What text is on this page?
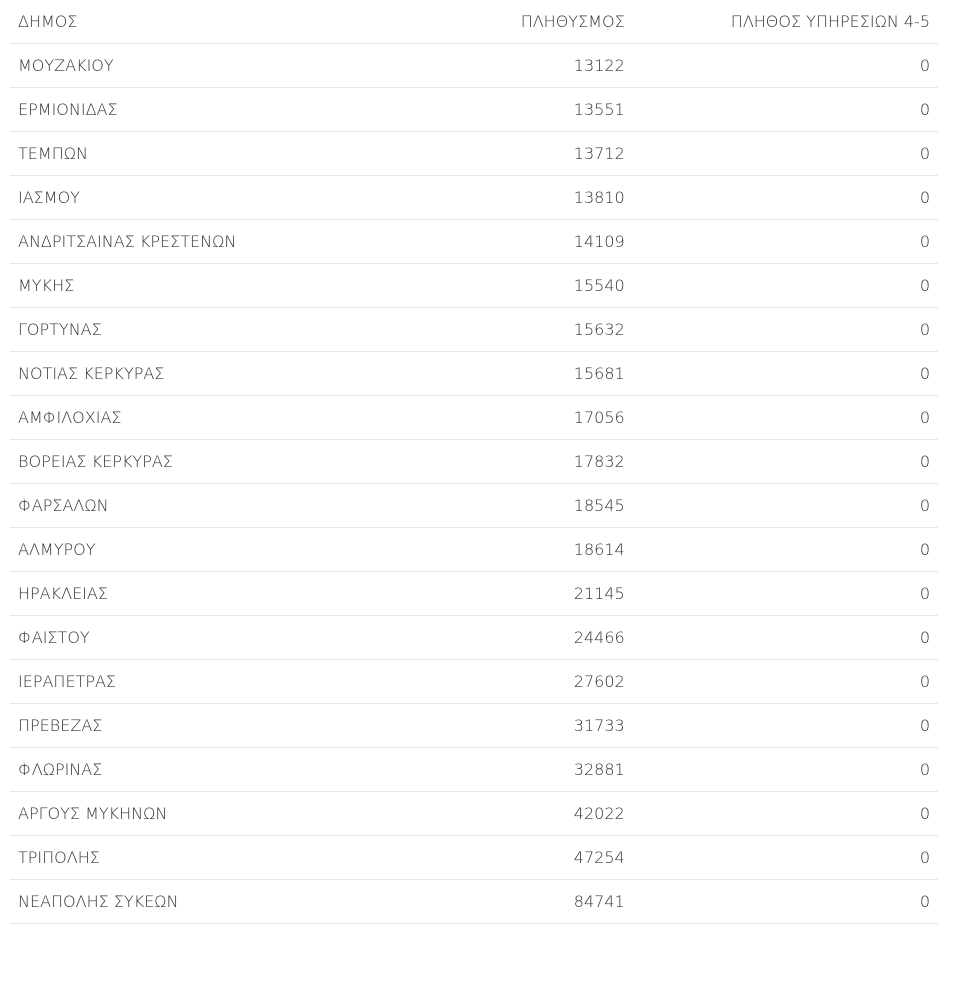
ΔΗΜΟΣ	ΠΛΗΘΥΣΜΟΣ	ΠΛΗΘΟΣ ΥΠΗΡΕΣΙΩΝ 4-5
ΜΟΥΖΑΚΙΟΥ	13122	0
ΕΡΜΙΟΝΙΔΑΣ	13551	0
ΤΕΜΠΩΝ	13712	0
ΙΑΣΜΟΥ	13810	0
ΑΝΔΡΙΤΣΑΙΝΑΣ ΚΡΕΣΤΕΝΩΝ	14109	0
ΜΥΚΗΣ	15540	0
ΓΟΡΤΥΝΑΣ	15632	0
ΝΟΤΙΑΣ ΚΕΡΚΥΡΑΣ	15681	0
ΑΜΦΙΛΟΧΙΑΣ	17056	0
ΒΟΡΕΙΑΣ ΚΕΡΚΥΡΑΣ	17832	0
ΦΑΡΣΑΛΩΝ	18545	0
ΑΛΜΥΡΟΥ	18614	0
ΗΡΑΚΛΕΙΑΣ	21145	0
ΦΑΙΣΤΟΥ	24466	0
ΙΕΡΑΠΕΤΡΑΣ	27602	0
ΠΡΕΒΕΖΑΣ	31733	0
ΦΛΩΡΙΝΑΣ	32881	0
ΑΡΓΟΥΣ ΜΥΚΗΝΩΝ	42022	0
ΤΡΙΠΟΛΗΣ	47254	0
ΝΕΑΠΟΛΗΣ ΣΥΚΕΩΝ	84741	0
